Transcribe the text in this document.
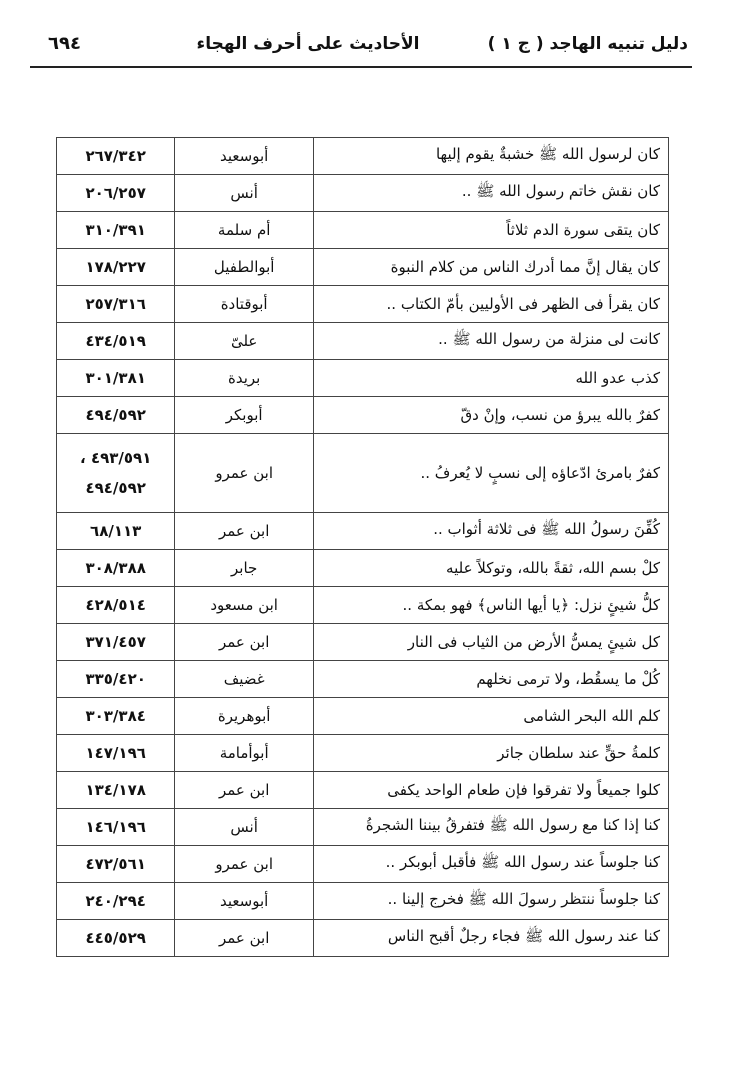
دليل تنبيه الهاجد ( ج ١ )
الأحاديث على أحرف الهجاء
٦٩٤
كان لرسول الله ﷺ خشبةٌ يقوم إليها	أبوسعيد	٢٦٧/٣٤٢

كان نقش خاتم رسول الله ﷺ ..	أنس	٢٠٦/٢٥٧

كان يتقى سورة الدم ثلاثاً	أم سلمة	٣١٠/٣٩١

كان يقال إنَّ مما أدرك الناس من كلام النبوة	أبوالطفيل	١٧٨/٢٢٧

كان يقرأ فى الظهر فى الأوليين بأمّ الكتاب ..	أبوقتادة	٢٥٧/٣١٦

كانت لى منزلة من رسول الله ﷺ ..	علىّ	٤٣٤/٥١٩

كذب عدو الله	بريدة	٣٠١/٣٨١

كفرٌ بالله يبرؤ من نسب، وإنْ دقّ	أبوبكر	٤٩٤/٥٩٢

كفرٌ بامرئ ادّعاؤه إلى نسبٍ لا يُعرفُ ..	ابن عمرو	٤٩٣/٥٩١ ،
٤٩٤/٥٩٢

كُفِّنَ رسولُ الله ﷺ فى ثلاثة أثواب ..	ابن عمر	٦٨/١١٣

كلْ بسم الله، ثقةً بالله، وتوكلاً عليه	جابر	٣٠٨/٣٨٨

كلُّ شيئٍ نزل: ﴿يا أيها الناس﴾ فهو بمكة ..	ابن مسعود	٤٢٨/٥١٤

كل شيئٍ يمسُّ الأرض من الثياب فى النار	ابن عمر	٣٧١/٤٥٧

كُلْ ما يسقُط، ولا ترمى نخلهم	غضيف	٣٣٥/٤٢٠

كلم الله البحر الشامى	أبوهريرة	٣٠٣/٣٨٤

كلمةُ حقٍّ عند سلطان جائر	أبوأمامة	١٤٧/١٩٦

كلوا جميعاً ولا تفرقوا فإن طعام الواحد يكفى	ابن عمر	١٣٤/١٧٨

كنا إذا كنا مع رسول الله ﷺ فتفرقُ بيننا الشجرةُ	أنس	١٤٦/١٩٦

كنا جلوساً عند رسول الله ﷺ فأقبل أبوبكر ..	ابن عمرو	٤٧٢/٥٦١

كنا جلوساً ننتظر رسولَ الله ﷺ فخرج إلينا ..	أبوسعيد	٢٤٠/٢٩٤

كنا عند رسول الله ﷺ فجاء رجلٌ أقبح الناس	ابن عمر	٤٤٥/٥٢٩
